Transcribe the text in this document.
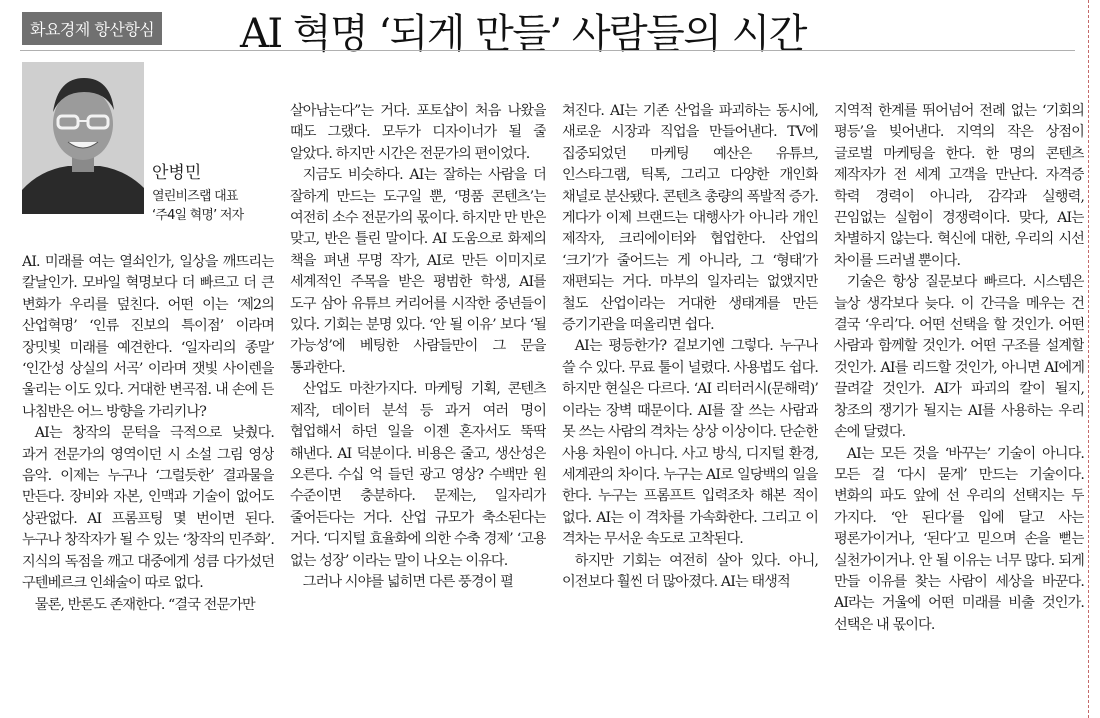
화요경제 항산항심 AI 혁명 ‘되게 만들’ 사람들의 시간
안병민
열린비즈랩 대표
‘주4일 혁명’ 저자

AI. 미래를 여는 열쇠인가, 일상을 깨뜨리는 칼날인가. 모바일 혁명보다 더 빠르고 더 큰 변화가 우리를 덮친다. 어떤 이는 ‘제2의 산업혁명’ ‘인류 진보의 특이점’ 이라며 장밋빛 미래를 예견한다. ‘일자리의 종말’ ‘인간성 상실의 서곡’ 이라며 잿빛 사이렌을 울리는 이도 있다. 거대한 변곡점. 내 손에 든 나침반은 어느 방향을 가리키나?

AI는 창작의 문턱을 극적으로 낮췄다. 과거 전문가의 영역이던 시 소설 그림 영상 음악. 이제는 누구나 ‘그럴듯한’ 결과물을 만든다. 장비와 자본, 인맥과 기술이 없어도 상관없다. AI 프롬프팅 몇 번이면 된다. 누구나 창작자가 될 수 있는 ‘창작의 민주화’. 지식의 독점을 깨고 대중에게 성큼 다가섰던 구텐베르크 인쇄술이 따로 없다.

물론, 반론도 존재한다. “결국 전문가만

살아남는다”는 거다. 포토샵이 처음 나왔을 때도 그랬다. 모두가 디자이너가 될 줄 알았다. 하지만 시간은 전문가의 편이었다.

지금도 비슷하다. AI는 잘하는 사람을 더 잘하게 만드는 도구일 뿐, ‘명품 콘텐츠’는 여전히 소수 전문가의 몫이다. 하지만 만 반은 맞고, 반은 틀린 말이다. AI 도움으로 화제의 책을 펴낸 무명 작가, AI로 만든 이미지로 세계적인 주목을 받은 평범한 학생, AI를 도구 삼아 유튜브 커리어를 시작한 중년들이 있다. 기회는 분명 있다. ‘안 될 이유’ 보다 ‘될 가능성’에 베팅한 사람들만이 그 문을 통과한다.

산업도 마찬가지다. 마케팅 기획, 콘텐츠 제작, 데이터 분석 등 과거 여러 명이 협업해서 하던 일을 이젠 혼자서도 뚝딱 해낸다. AI 덕분이다. 비용은 줄고, 생산성은 오른다. 수십 억 들던 광고 영상? 수백만 원 수준이면 충분하다. 문제는, 일자리가 줄어든다는 거다. 산업 규모가 축소된다는 거다. ‘디지털 효율화에 의한 수축 경제’ ‘고용 없는 성장’ 이라는 말이 나오는 이유다.

그러나 시야를 넓히면 다른 풍경이 펼

쳐진다. AI는 기존 산업을 파괴하는 동시에, 새로운 시장과 직업을 만들어낸다. TV에 집중되었던 마케팅 예산은 유튜브, 인스타그램, 틱톡, 그리고 다양한 개인화 채널로 분산됐다. 콘텐츠 총량의 폭발적 증가. 게다가 이제 브랜드는 대행사가 아니라 개인 제작자, 크리에이터와 협업한다. 산업의 ‘크기’가 줄어드는 게 아니라, 그 ‘형태’가 재편되는 거다. 마부의 일자리는 없앴지만 철도 산업이라는 거대한 생태계를 만든 증기기관을 떠올리면 쉽다.

AI는 평등한가? 겉보기엔 그렇다. 누구나 쓸 수 있다. 무료 툴이 널렸다. 사용법도 쉽다. 하지만 현실은 다르다. ‘AI 리터러시(문해력)’ 이라는 장벽 때문이다. AI를 잘 쓰는 사람과 못 쓰는 사람의 격차는 상상 이상이다. 단순한 사용 차원이 아니다. 사고 방식, 디지털 환경, 세계관의 차이다. 누구는 AI로 일당백의 일을 한다. 누구는 프롬프트 입력조차 해본 적이 없다. AI는 이 격차를 가속화한다. 그리고 이 격차는 무서운 속도로 고착된다.

하지만 기회는 여전히 살아 있다. 아니, 이전보다 훨씬 더 많아졌다. AI는 태생적

지역적 한계를 뛰어넘어 전례 없는 ‘기회의 평등’을 빚어낸다. 지역의 작은 상점이 글로벌 마케팅을 한다. 한 명의 콘텐츠 제작자가 전 세계 고객을 만난다. 자격증 학력 경력이 아니라, 감각과 실행력, 끈임없는 실험이 경쟁력이다. 맞다, AI는 차별하지 않는다. 혁신에 대한, 우리의 시선 차이를 드러낼 뿐이다.

기술은 항상 질문보다 빠르다. 시스템은 늘상 생각보다 늦다. 이 간극을 메우는 건 결국 ‘우리’다. 어떤 선택을 할 것인가. 어떤 사람과 함께할 것인가. 어떤 구조를 설계할 것인가. AI를 리드할 것인가, 아니면 AI에게 끌려갈 것인가. AI가 파괴의 칼이 될지, 창조의 쟁기가 될지는 AI를 사용하는 우리 손에 달렸다.

AI는 모든 것을 ‘바꾸는’ 기술이 아니다. 모든 걸 ‘다시 묻게’ 만드는 기술이다. 변화의 파도 앞에 선 우리의 선택지는 두 가지다. ‘안 된다’를 입에 달고 사는 평론가이거나, ‘된다’고 믿으며 손을 뻗는 실천가이거나. 안 될 이유는 너무 많다. 되게 만들 이유를 찾는 사람이 세상을 바꾼다. AI라는 거울에 어떤 미래를 비출 것인가. 선택은 내 몫이다.
